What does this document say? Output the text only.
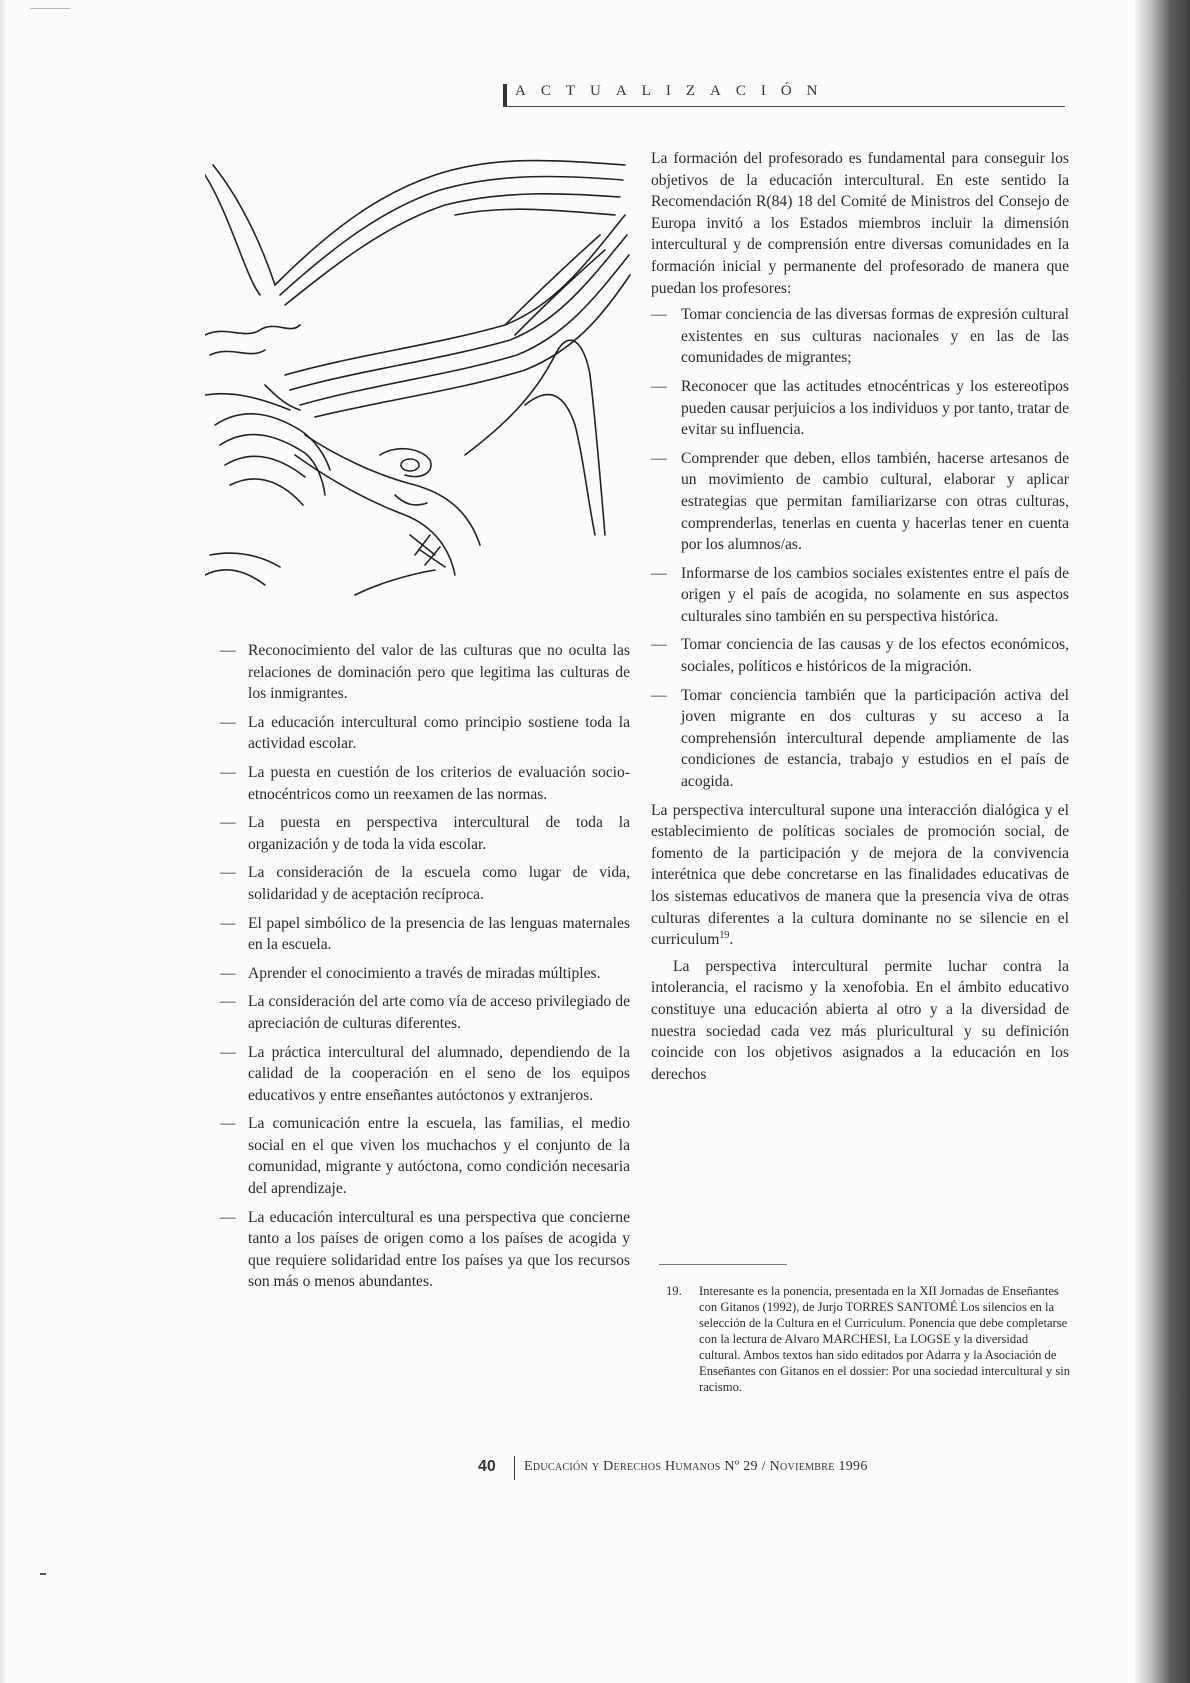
ACTUALIZACIÓN
— Reconocimiento del valor de las culturas que no oculta las relaciones de dominación pero que legitima las culturas de los inmigrantes.
— La educación intercultural como principio sostiene toda la actividad escolar.
— La puesta en cuestión de los criterios de evaluación socio-etnocéntricos como un reexamen de las normas.
— La puesta en perspectiva intercultural de toda la organización y de toda la vida escolar.
— La consideración de la escuela como lugar de vida, solidaridad y de aceptación recíproca.
— El papel simbólico de la presencia de las lenguas maternales en la escuela.
— Aprender el conocimiento a través de miradas múltiples.
— La consideración del arte como vía de acceso privilegiado de apreciación de culturas diferentes.
— La práctica intercultural del alumnado, dependiendo de la calidad de la cooperación en el seno de los equipos educativos y entre enseñantes autóctonos y extranjeros.
— La comunicación entre la escuela, las familias, el medio social en el que viven los muchachos y el conjunto de la comunidad, migrante y autóctona, como condición necesaria del aprendizaje.
— La educación intercultural es una perspectiva que concierne tanto a los países de origen como a los países de acogida y que requiere solidaridad entre los países ya que los recursos son más o menos abundantes.

La formación del profesorado es fundamental para conseguir los objetivos de la educación intercultural. En este sentido la Recomendación R(84) 18 del Comité de Ministros del Consejo de Europa invitó a los Estados miembros incluir la dimensión intercultural y de comprensión entre diversas comunidades en la formación inicial y permanente del profesorado de manera que puedan los profesores:

— Tomar conciencia de las diversas formas de expresión cultural existentes en sus culturas nacionales y en las de las comunidades de migrantes;
— Reconocer que las actitudes etnocéntricas y los estereotipos pueden causar perjuicios a los individuos y por tanto, tratar de evitar su influencia.
— Comprender que deben, ellos también, hacerse artesanos de un movimiento de cambio cultural, elaborar y aplicar estrategias que permitan familiarizarse con otras culturas, comprenderlas, tenerlas en cuenta y hacerlas tener en cuenta por los alumnos/as.
— Informarse de los cambios sociales existentes entre el país de origen y el país de acogida, no solamente en sus aspectos culturales sino también en su perspectiva histórica.
— Tomar conciencia de las causas y de los efectos económicos, sociales, políticos e históricos de la migración.
— Tomar conciencia también que la participación activa del joven migrante en dos culturas y su acceso a la comprehensión intercultural depende ampliamente de las condiciones de estancia, trabajo y estudios en el país de acogida.

La perspectiva intercultural supone una interacción dialógica y el establecimiento de políticas sociales de promoción social, de fomento de la participación y de mejora de la convivencia interétnica que debe concretarse en las finalidades educativas de los sistemas educativos de manera que la presencia viva de otras culturas diferentes a la cultura dominante no se silencie en el curriculum$^{19}$.

La perspectiva intercultural permite luchar contra la intolerancia, el racismo y la xenofobia. En el ámbito educativo constituye una educación abierta al otro y a la diversidad de nuestra sociedad cada vez más pluricultural y su definición coincide con los objetivos asignados a la educación en los derechos

19.	Interesante es la ponencia, presentada en la XII Jornadas de Enseñantes con Gitanos (1992), de Jurjo TORRES SANTOMÉ Los silencios en la selección de la Cultura en el Curriculum. Ponencia que debe completarse con la lectura de Alvaro MARCHESI, La LOGSE y la diversidad cultural. Ambos textos han sido editados por Adarra y la Asociación de Enseñantes con Gitanos en el dossier: Por una sociedad intercultural y sin racismo.
40 Educación y Derechos Humanos Nº 29 / Noviembre 1996
